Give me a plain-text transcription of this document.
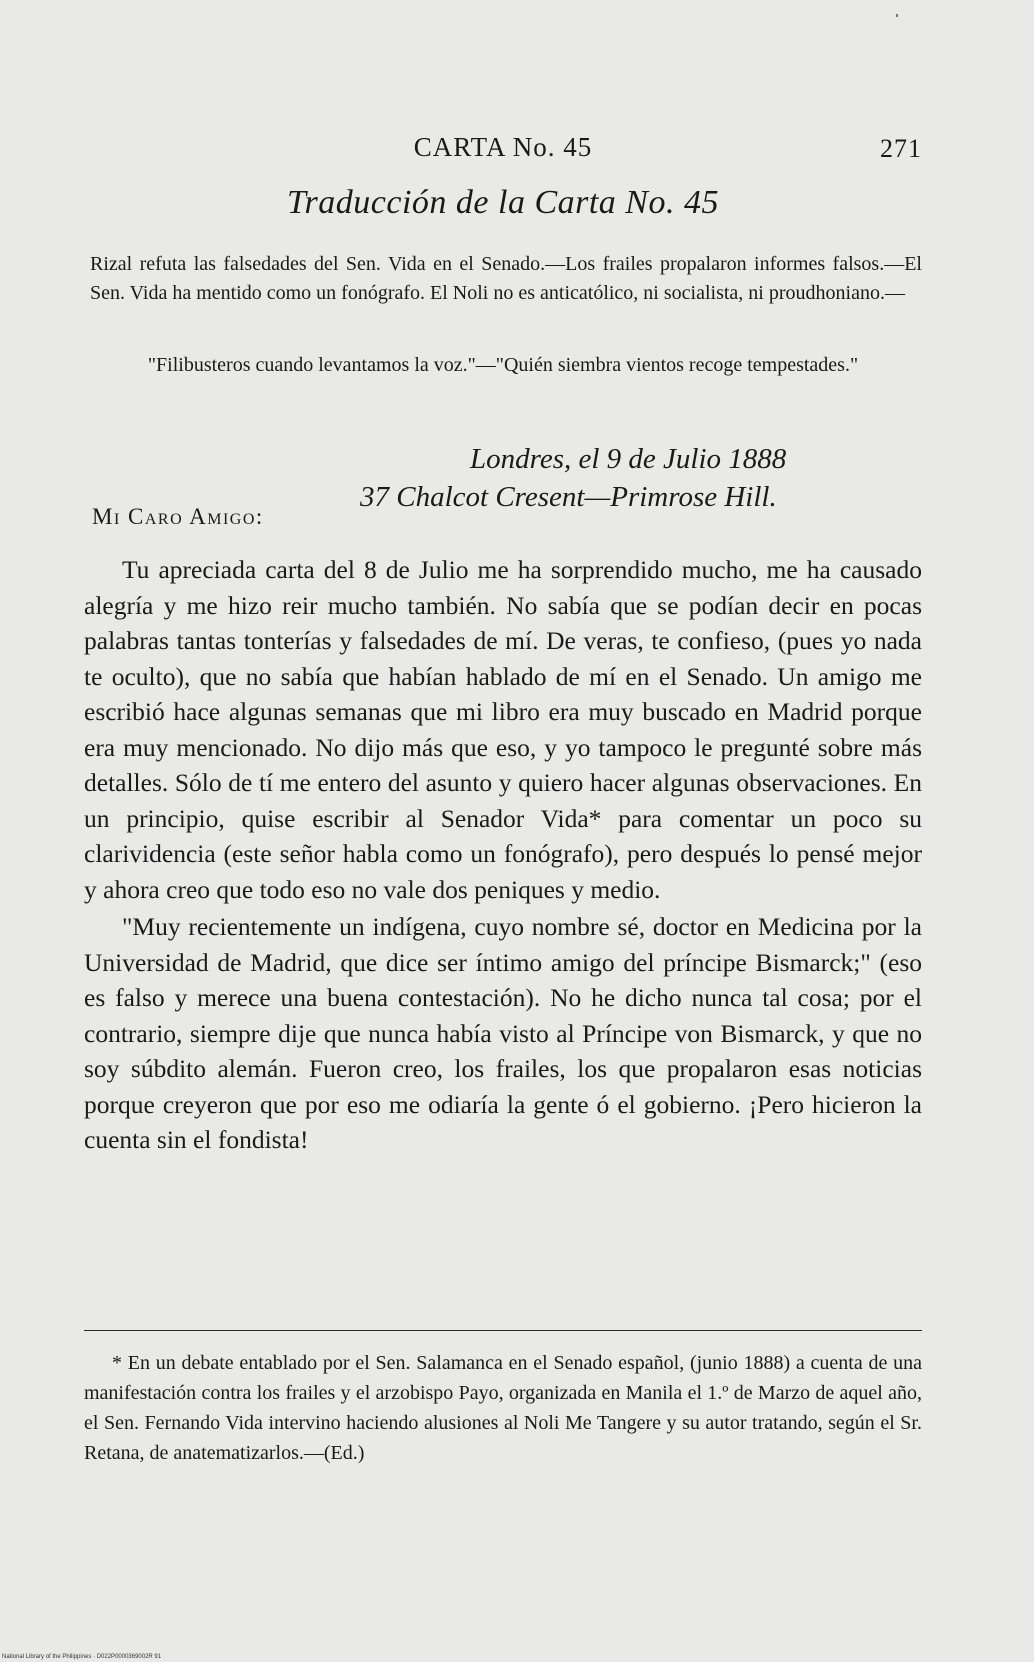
CARTA No. 45	271
Traducción de la Carta No. 45
Rizal refuta las falsedades del Sen. Vida en el Senado.—Los frailes propalaron informes falsos.—El Sen. Vida ha mentido como un fonógrafo. El Noli no es anticatólico, ni socialista, ni proudhoniano.—
"Filibusteros cuando levantamos la voz."—"Quién siembra vientos recoge tempestades."
Londres, el 9 de Julio 1888
37 Chalcot Cresent—Primrose Hill.
Mi Caro Amigo:

Tu apreciada carta del 8 de Julio me ha sorprendido mucho, me ha causado alegría y me hizo reir mucho también. No sabía que se podían decir en pocas palabras tantas tonterías y falsedades de mí. De veras, te confieso, (pues yo nada te oculto), que no sabía que habían hablado de mí en el Senado. Un amigo me escribió hace algunas semanas que mi libro era muy buscado en Madrid porque era muy mencionado. No dijo más que eso, y yo tampoco le pregunté sobre más detalles. Sólo de tí me entero del asunto y quiero hacer algunas observaciones. En un principio, quise escribir al Senador Vida* para comentar un poco su clarividencia (este señor habla como un fonógrafo), pero después lo pensé mejor y ahora creo que todo eso no vale dos peniques y medio.

"Muy recientemente un indígena, cuyo nombre sé, doctor en Medicina por la Universidad de Madrid, que dice ser íntimo amigo del príncipe Bismarck;" (eso es falso y merece una buena contestación). No he dicho nunca tal cosa; por el contrario, siempre dije que nunca había visto al Príncipe von Bismarck, y que no soy súbdito alemán. Fueron creo, los frailes, los que propalaron esas noticias porque creyeron que por eso me odiaría la gente ó el gobierno. ¡Pero hicieron la cuenta sin el fondista!

* En un debate entablado por el Sen. Salamanca en el Senado español, (junio 1888) a cuenta de una manifestación contra los frailes y el arzobispo Payo, organizada en Manila el 1.º de Marzo de aquel año, el Sen. Fernando Vida intervino haciendo alusiones al Noli Me Tangere y su autor tratando, según el Sr. Retana, de anatematizarlos.—(Ed.)

National Library of the Philippines · D022P0000369002R 91
